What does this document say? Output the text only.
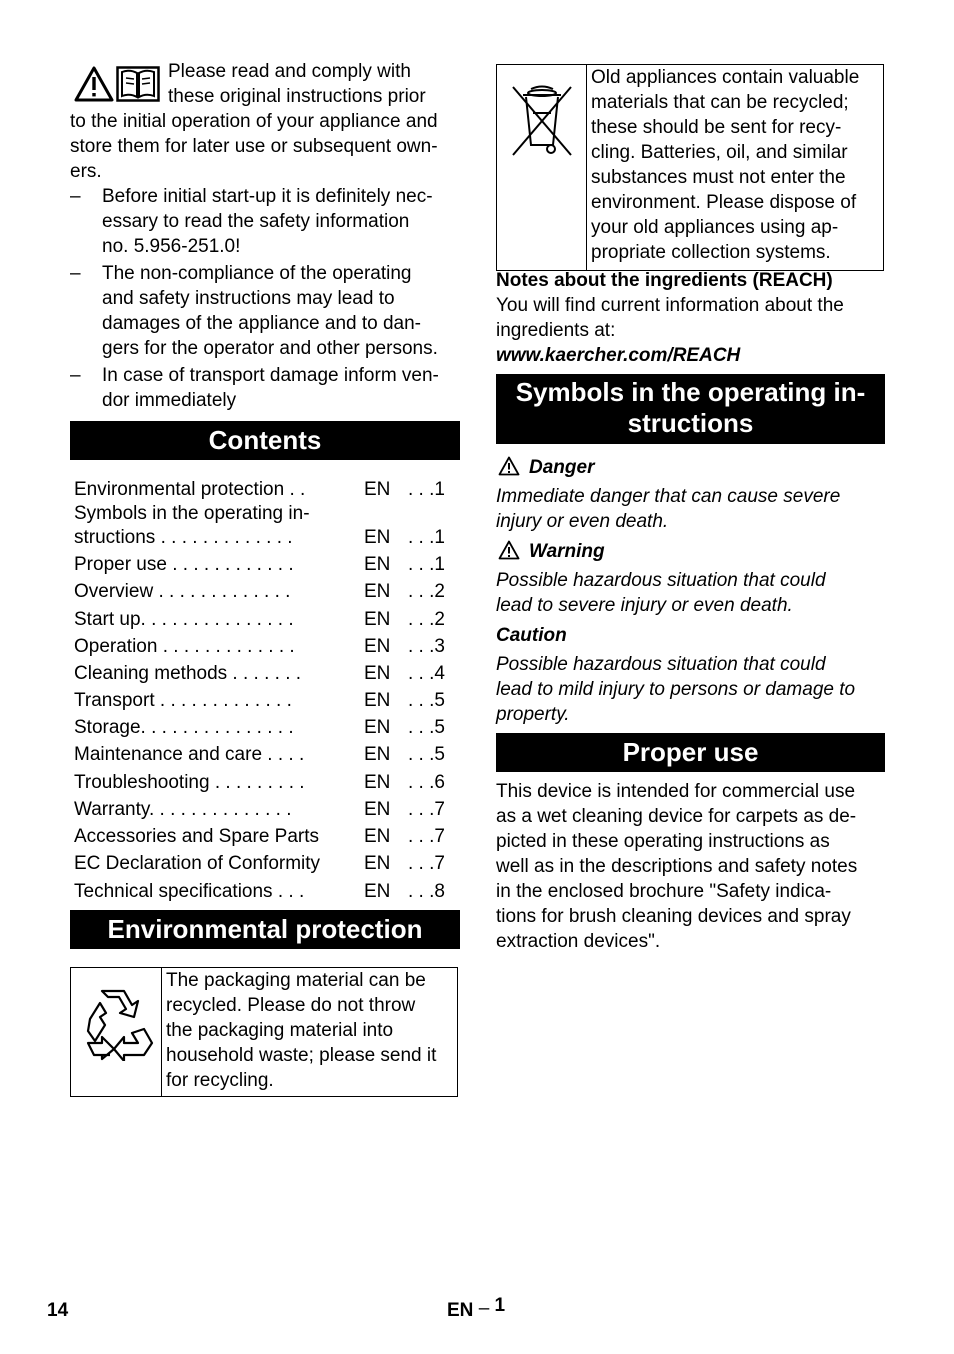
Please read and comply with
these original instructions prior
to the initial operation of your appliance and
store them for later use or subsequent own-
ers.
– Before initial start-up it is definitely nec-
essary to read the safety information
no. 5.956-251.0!
– The non-compliance of the operating
and safety instructions may lead to
damages of the appliance and to dan-
gers for the operator and other persons.
– In case of transport damage inform ven-
dor immediately
Contents
Environmental protection . .	EN . . .1
Symbols in the operating in-
structions . . . . . . . . . . . . .	EN . . .1
Proper use . . . . . . . . . . . .	EN . . .1
Overview . . . . . . . . . . . . .	EN . . .2
Start up. . . . . . . . . . . . . . .	EN . . .2
Operation . . . . . . . . . . . . .	EN . . .3
Cleaning methods . . . . . . .	EN . . .4
Transport . . . . . . . . . . . . .	EN . . .5
Storage. . . . . . . . . . . . . . .	EN . . .5
Maintenance and care . . . .	EN . . .5
Troubleshooting . . . . . . . . .	EN . . .6
Warranty. . . . . . . . . . . . . .	EN . . .7
Accessories and Spare Parts EN . . .7
EC Declaration of Conformity EN . . .7
Technical specifications . . .	EN . . .8
Environmental protection
The packaging material can be
recycled. Please do not throw
the packaging material into
household waste; please send it
for recycling.
Old appliances contain valuable
materials that can be recycled;
these should be sent for recy-
cling. Batteries, oil, and similar
substances must not enter the
environment. Please dispose of
your old appliances using ap-
propriate collection systems.
Notes about the ingredients (REACH)
You will find current information about the
ingredients at:
www.kaercher.com/REACH
Symbols in the operating in-
structions
Danger
Immediate danger that can cause severe
injury or even death.
Warning
Possible hazardous situation that could
lead to severe injury or even death.
Caution
Possible hazardous situation that could
lead to mild injury to persons or damage to
property.
Proper use
This device is intended for commercial use
as a wet cleaning device for carpets as de-
picted in these operating instructions as
well as in the descriptions and safety notes
in the enclosed brochure "Safety indica-
tions for brush cleaning devices and spray
extraction devices".
14	EN – 1
